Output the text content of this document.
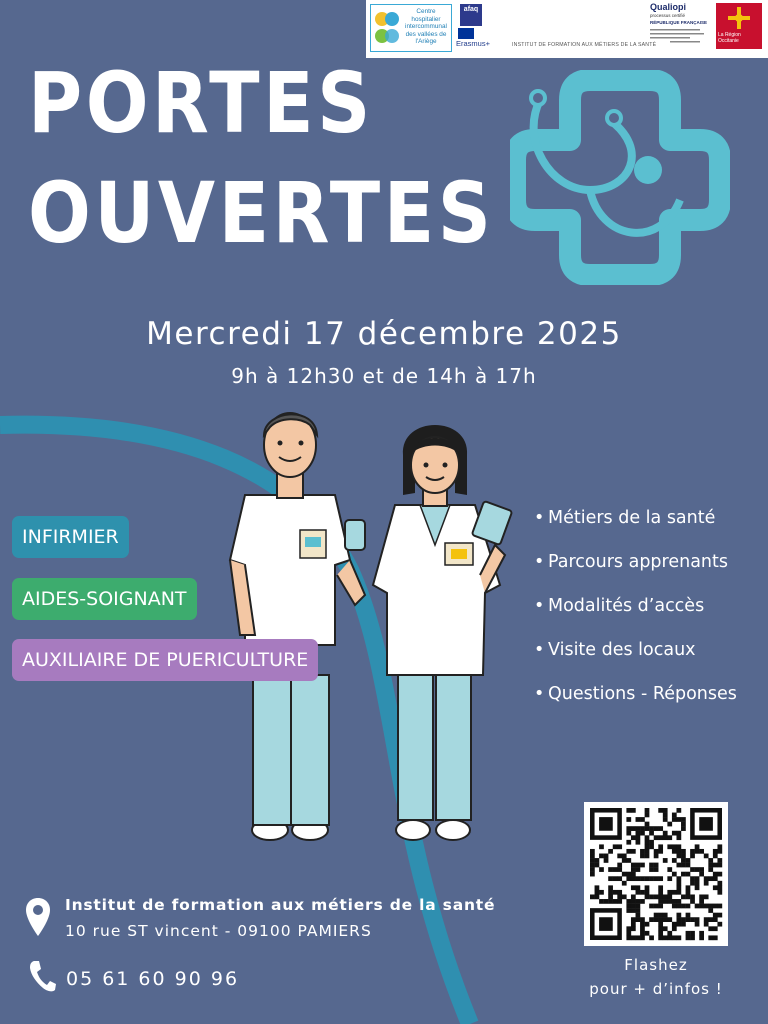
Centre hospitalier intercommunal des vallées de l'Ariège
afaq
Erasmus+	INSTITUT DE FORMATION AUX MÉTIERS DE LA SANTÉ
Qualiopi
processus certifié
RÉPUBLIQUE FRANÇAISE
La Région Occitanie
PORTES
OUVERTES
Mercredi 17 décembre 2025
9h à 12h30 et de 14h à 17h
INFIRMIER
AIDES-SOIGNANT
AUXILIAIRE DE PUERICULTURE
• Métiers de la santé
• Parcours apprenants
• Modalités d’accès
• Visite des locaux
• Questions - Réponses
Flashez
pour + d’infos !
Institut de formation aux métiers de la santé
10 rue ST vincent - 09100 PAMIERS
05 61 60 90 96
